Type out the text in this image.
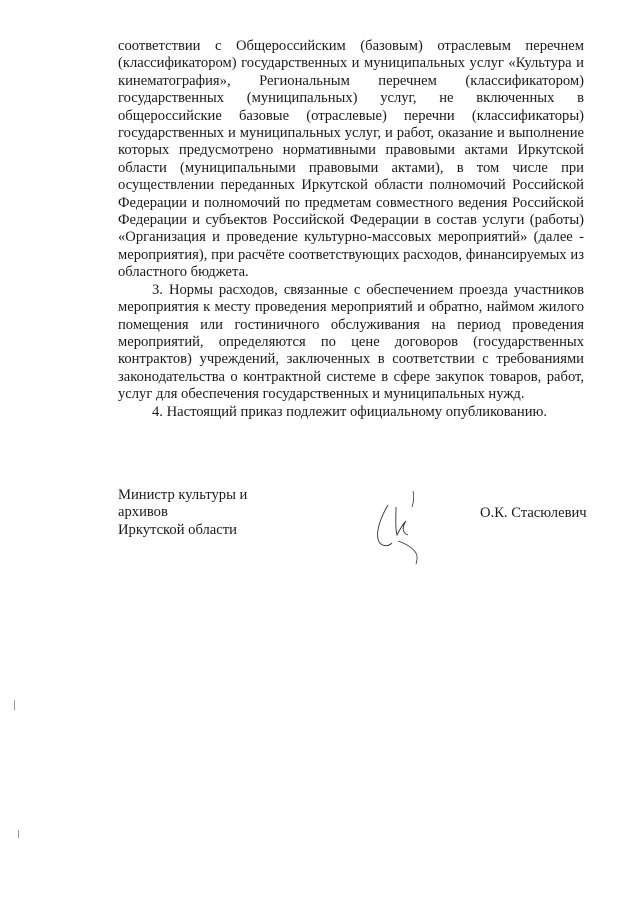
соответствии с Общероссийским (базовым) отраслевым перечнем (классификатором) государственных и муниципальных услуг «Культура и кинематография», Региональным перечнем (классификатором) государственных (муниципальных) услуг, не включенных в общероссийские базовые (отраслевые) перечни (классификаторы) государственных и муниципальных услуг, и работ, оказание и выполнение которых предусмотрено нормативными правовыми актами Иркутской области (муниципальными правовыми актами), в том числе при осуществлении переданных Иркутской области полномочий Российской Федерации и полномочий по предметам совместного ведения Российской Федерации и субъектов Российской Федерации в состав услуги (работы) «Организация и проведение культурно-массовых мероприятий» (далее - мероприятия), при расчёте соответствующих расходов, финансируемых из областного бюджета.

3. Нормы расходов, связанные с обеспечением проезда участников мероприятия к месту проведения мероприятий и обратно, наймом жилого помещения или гостиничного обслуживания на период проведения мероприятий, определяются по цене договоров (государственных контрактов) учреждений, заключенных в соответствии с требованиями законодательства о контрактной системе в сфере закупок товаров, работ, услуг для обеспечения государственных и муниципальных нужд.

4. Настоящий приказ подлежит официальному опубликованию.

Министр культуры и архивов
Иркутской области
О.К. Стасюлевич
